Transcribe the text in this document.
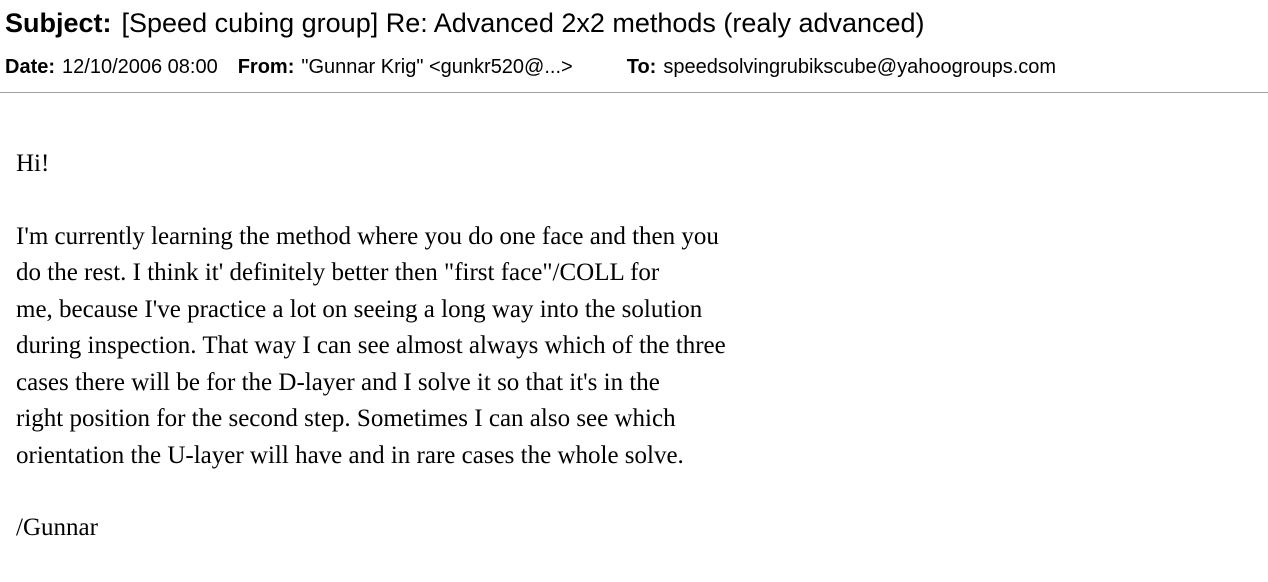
Subject: [Speed cubing group] Re: Advanced 2x2 methods (realy advanced)
Date: 12/10/2006 08:00 From: "Gunnar Krig" <gunkr520@...>	To: speedsolvingrubikscube@yahoogroups.com

Hi!

I'm currently learning the method where you do one face and then you

do the rest. I think it' definitely better then "first face"/COLL for

me, because I've practice a lot on seeing a long way into the solution

during inspection. That way I can see almost always which of the three

cases there will be for the D-layer and I solve it so that it's in the

right position for the second step. Sometimes I can also see which

orientation the U-layer will have and in rare cases the whole solve.

/Gunnar
